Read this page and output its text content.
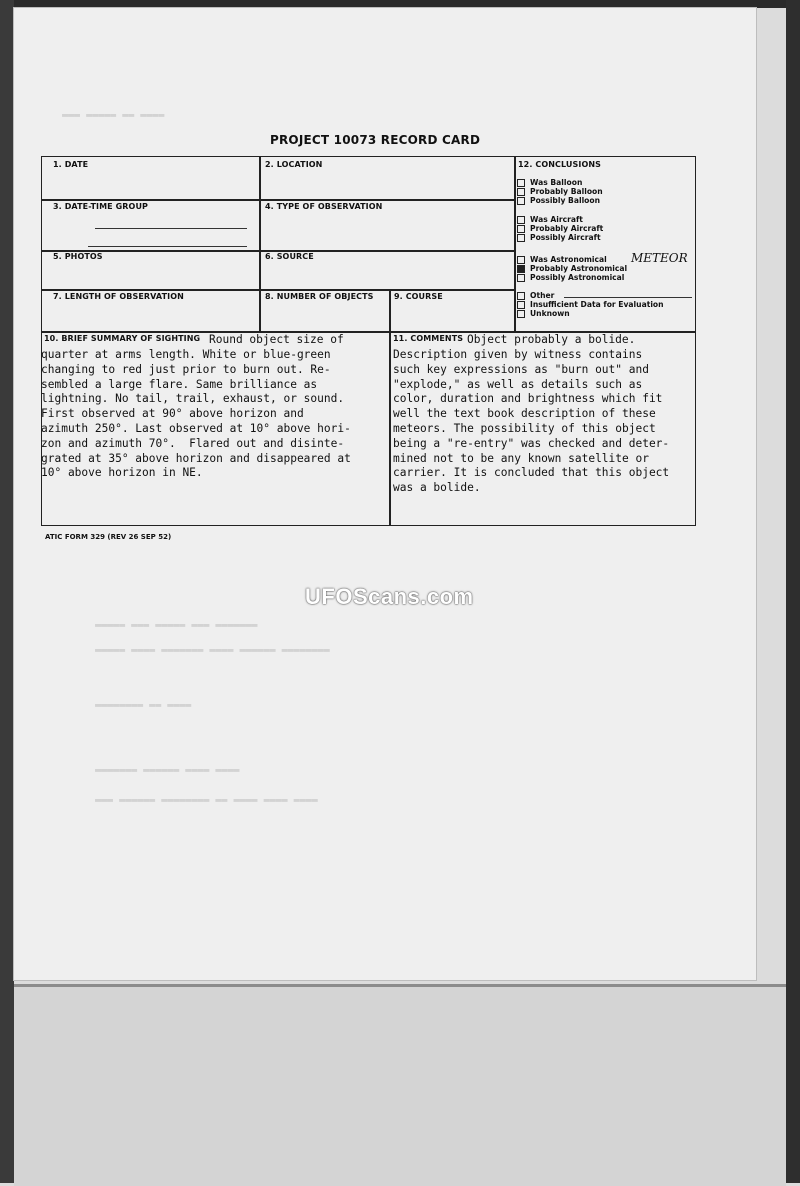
▬▬▬ ▬▬▬▬▬ ▬▬ ▬▬▬▬
▬▬▬▬▬ ▬▬▬ ▬▬▬▬▬ ▬▬▬ ▬▬▬▬▬▬▬
▬▬▬▬▬ ▬▬▬▬ ▬▬▬▬▬▬▬ ▬▬▬▬ ▬▬▬▬▬▬ ▬▬▬▬▬▬▬▬
▬▬▬▬▬▬▬▬ ▬▬ ▬▬▬▬
▬▬▬▬▬▬▬ ▬▬▬▬▬▬ ▬▬▬▬ ▬▬▬▬
▬▬▬ ▬▬▬▬▬▬ ▬▬▬▬▬▬▬▬ ▬▬ ▬▬▬▬ ▬▬▬▬ ▬▬▬▬
PROJECT 10073 RECORD CARD
1. DATE	2. LOCATION
3. DATE-TIME GROUP	4. TYPE OF OBSERVATION
5. PHOTOS	6. SOURCE
7. LENGTH OF OBSERVATION	8. NUMBER OF OBJECTS	9. COURSE
12. CONCLUSIONS
Was Balloon
Probably Balloon
Possibly Balloon
Was Aircraft
Probably Aircraft
Possibly Aircraft
Was Astronomical
Probably Astronomical
Possibly Astronomical
Other
Insufficient Data for Evaluation
Unknown
METEOR
10. BRIEF SUMMARY OF SIGHTING Round object size of
quarter at arms length. White or blue-green
changing to red just prior to burn out. Re-
sembled a large flare. Same brilliance as
lightning. No tail, trail, exhaust, or sound.
First observed at 90° above horizon and
azimuth 250°. Last observed at 10° above hori-
zon and azimuth 70°.  Flared out and disinte-
grated at 35° above horizon and disappeared at
10° above horizon in NE.
11. COMMENTS Object probably a bolide.
Description given by witness contains
such key expressions as "burn out" and
"explode," as well as details such as
color, duration and brightness which fit
well the text book description of these
meteors. The possibility of this object
being a "re-entry" was checked and deter-
mined not to be any known satellite or
carrier. It is concluded that this object
was a bolide.
ATIC FORM 329 (REV 26 SEP 52)
UFOScans.com
